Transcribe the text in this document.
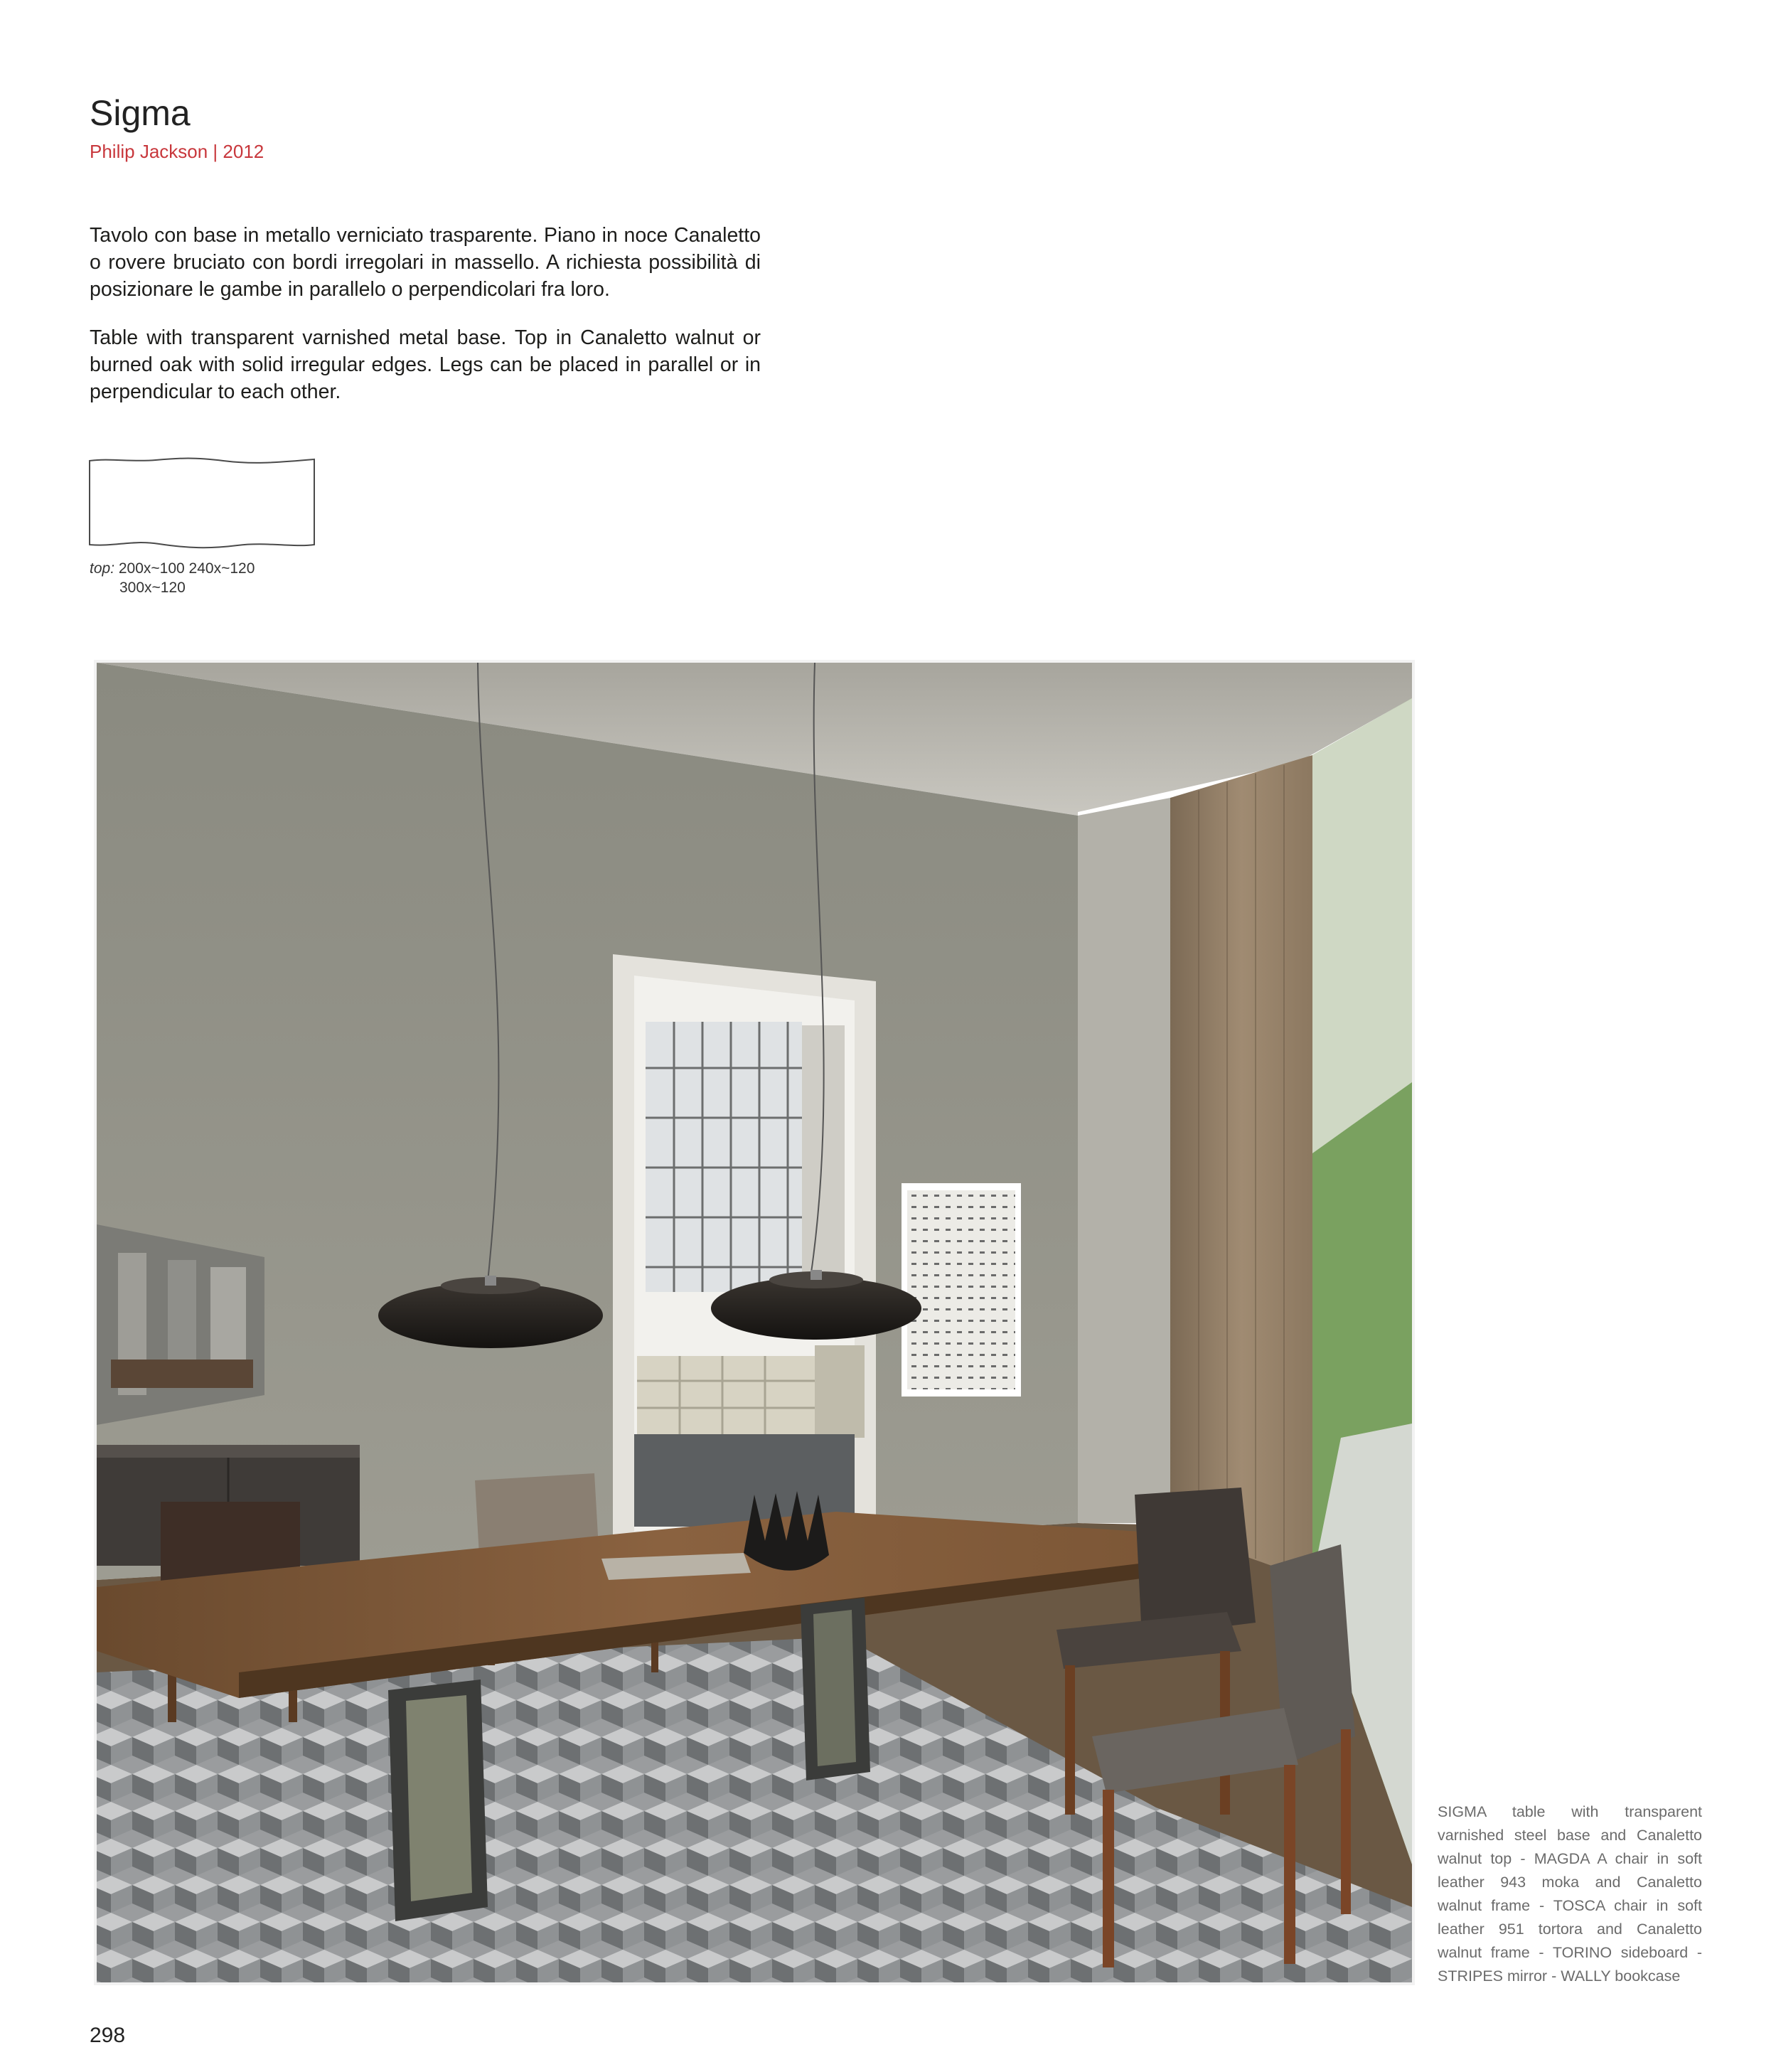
Sigma
Philip Jackson | 2012

Tavolo con base in metallo verniciato trasparente. Piano in noce Canaletto o rovere bruciato con bordi irregolari in massello. A richiesta possibilità di posizionare le gambe in parallelo o perpendicolari fra loro.

Table with transparent varnished metal base. Top in Canaletto walnut or burned oak with solid irregular edges. Legs can be placed in parallel or in perpendicular to each other.

top: 200x~100 240x~120
300x~120

SIGMA table with transparent varnished steel base and Canaletto walnut top - MAGDA A chair in soft leather 943 moka and Canaletto walnut frame - TOSCA chair in soft leather 951 tortora and Canaletto walnut frame - TORINO sideboard - STRIPES mirror - WALLY bookcase

298
